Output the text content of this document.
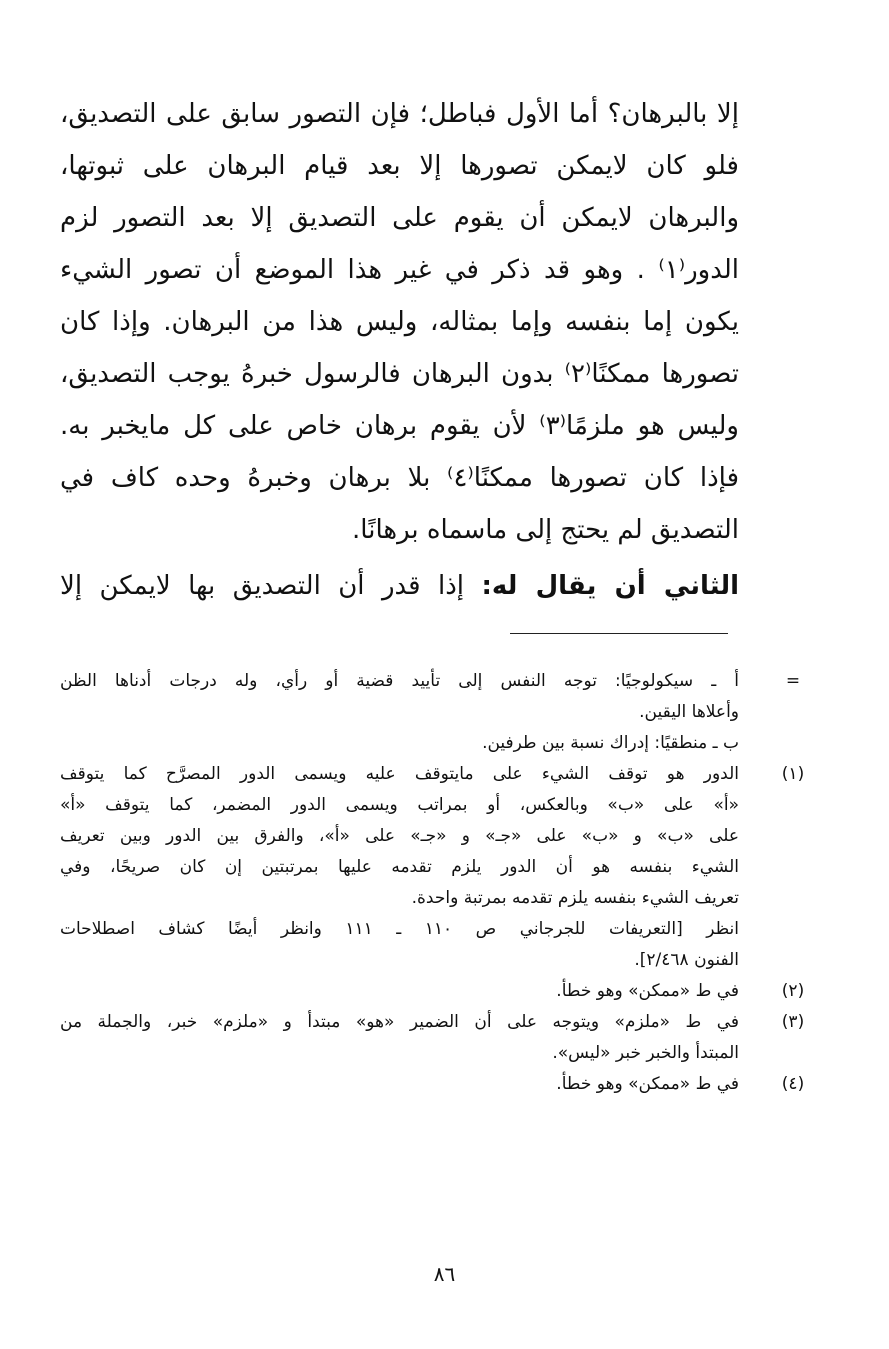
إلا بالبرهان؟ أما الأول فباطل؛ فإن التصور سابق على التصديق،
فلو كان لايمكن تصورها إلا بعد قيام البرهان على ثبوتها،
والبرهان لايمكن أن يقوم على التصديق إلا بعد التصور لزم
الدور⁽١⁾ . وهو قد ذكر في غير هذا الموضع أن تصور الشيء
يكون إما بنفسه وإما بمثاله، وليس هذا من البرهان. وإذا كان
تصورها ممكنًا⁽٢⁾ بدون البرهان فالرسول خبرهُ يوجب التصديق،
وليس هو ملزمًا⁽٣⁾ لأن يقوم برهان خاص على كل مايخبر به.
فإذا كان تصورها ممكنًا⁽٤⁾ بلا برهان وخبرهُ وحده كاف في
التصديق لم يحتج إلى ماسماه برهانًا.
الثاني أن يقال له: إذا قدر أن التصديق بها لايمكن إلا
=
أ ـ سيكولوجيًا: توجه النفس إلى تأييد قضية أو رأي، وله درجات أدناها الظن
وأعلاها اليقين.
ب ـ منطقيًا: إدراك نسبة بين طرفين.
(١)
الدور هو توقف الشيء على مايتوقف عليه ويسمى الدور المصرَّح كما يتوقف
«أ» على «ب» وبالعكس، أو بمراتب ويسمى الدور المضمر، كما يتوقف «أ»
على «ب» و «ب» على «جـ» و «جـ» على «أ»، والفرق بين الدور وبين تعريف
الشيء بنفسه هو أن الدور يلزم تقدمه عليها بمرتبتين إن كان صريحًا، وفي
تعريف الشيء بنفسه يلزم تقدمه بمرتبة واحدة.
انظر [التعريفات للجرجاني ص ١١٠ ـ ١١١ وانظر أيضًا كشاف اصطلاحات
الفنون ٢/٤٦٨].
(٢)
في ط «ممكن» وهو خطأ.
(٣)
في ط «ملزم» ويتوجه على أن الضمير «هو» مبتدأ و «ملزم» خبر، والجملة من
المبتدأ والخبر خبر «ليس».
(٤)
في ط «ممكن» وهو خطأ.
٨٦
